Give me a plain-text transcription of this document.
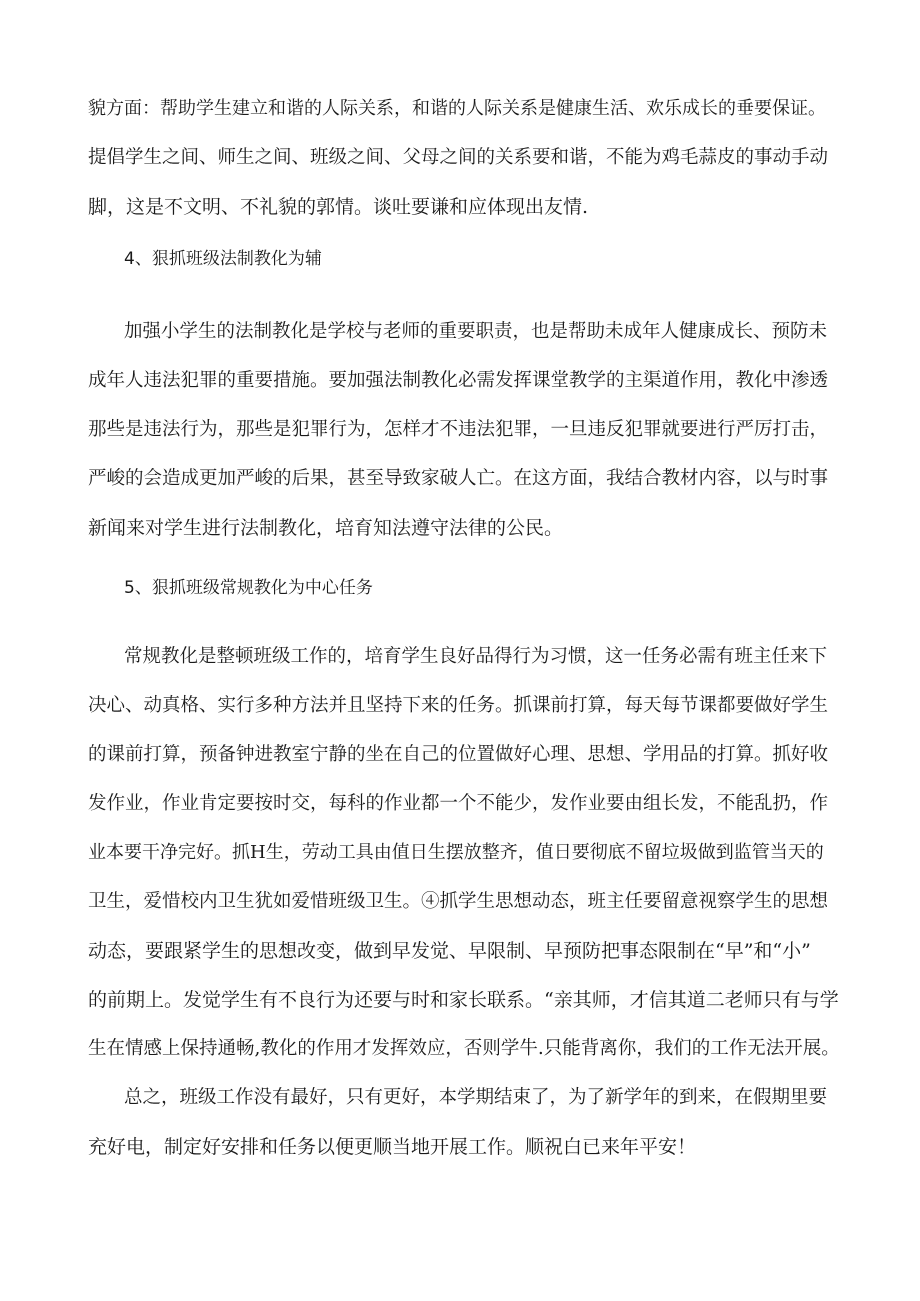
貌方面：帮助学生建立和谐的人际关系，和谐的人际关系是健康生活、欢乐成长的垂要保证。
提倡学生之间、师生之间、班级之间、父母之间的关系要和谐，不能为鸡毛蒜皮的事动手动
脚，这是不文明、不礼貌的郭情。谈吐要谦和应体现出友情.
4、狠抓班级法制教化为辅
加强小学生的法制教化是学校与老师的重要职责，也是帮助未成年人健康成长、预防未
成年人违法犯罪的重要措施。要加强法制教化必需发挥课堂教学的主渠道作用，教化中渗透
那些是违法行为，那些是犯罪行为，怎样才不违法犯罪，一旦违反犯罪就要进行严厉打击，
严峻的会造成更加严峻的后果，甚至导致家破人亡。在这方面，我结合教材内容，以与时事
新闻来对学生进行法制教化，培育知法遵守法律的公民。
5、狠抓班级常规教化为中心任务
常规教化是整顿班级工作的，培育学生良好品得行为习惯，这一任务必需有班主任来下
决心、动真格、实行多种方法并且坚持下来的任务。抓课前打算，每天每节课都要做好学生
的课前打算，预备钟进教室宁静的坐在自己的位置做好心理、思想、学用品的打算。抓好收
发作业，作业肯定要按时交，每科的作业都一个不能少，发作业要由组长发，不能乱扔，作
业本要干净完好。抓H生，劳动工具由值日生摆放整齐，值日要彻底不留垃圾做到监管当天的
卫生，爱惜校内卫生犹如爱惜班级卫生。④抓学生思想动态，班主任要留意视察学生的思想
动态，要跟紧学生的思想改变，做到早发觉、早限制、早预防把事态限制在“早”和“小”
的前期上。发觉学生有不良行为还要与时和家长联系。“亲其师，才信其道二老师只有与学
生在情感上保持通畅,教化的作用才发挥效应，否则学牛.只能背离你，我们的工作无法开展。
总之，班级工作没有最好，只有更好，本学期结束了，为了新学年的到来，在假期里要
充好电，制定好安排和任务以便更顺当地开展工作。顺祝白已来年平安！
